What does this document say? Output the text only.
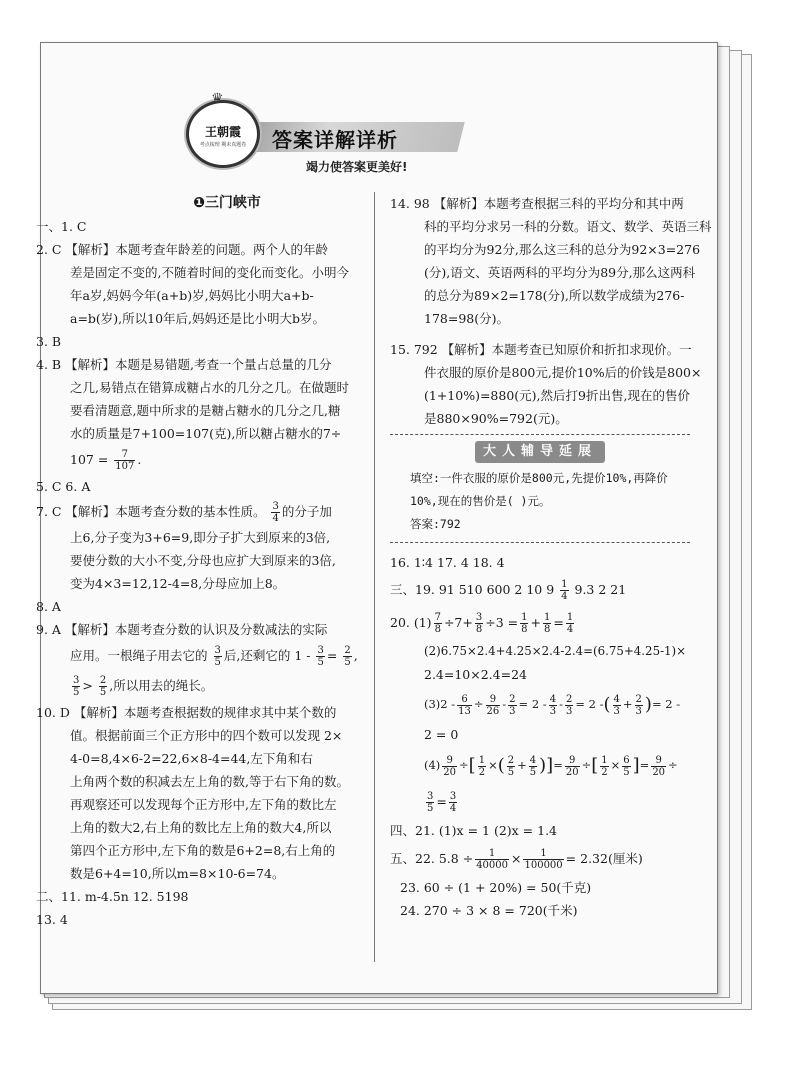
答案详解详析
竭力使答案更美好!
♛
王朝霞
考点梳理 期末真题卷
❶三门峡市
一、1. C
2. C 【解析】本题考查年龄差的问题。两个人的年龄
差是固定不变的,不随着时间的变化而变化。小明今
年a岁,妈妈今年(a+b)岁,妈妈比小明大a+b-
a=b(岁),所以10年后,妈妈还是比小明大b岁。
3. B
4. B 【解析】本题是易错题,考查一个量占总量的几分
之几,易错点在错算成糖占水的几分之几。在做题时
要看清题意,题中所求的是糖占糖水的几分之几,糖
水的质量是7+100=107(克),所以糖占糖水的7÷
$107 = \frac{7}{107}$ .
5. C 6. A
7. C 【解析】本题考查分数的基本性质。 $\frac{3}{4}$ 的分子加
上6,分子变为3+6=9,即分子扩大到原来的3倍,
要使分数的大小不变,分母也应扩大到原来的3倍,
变为4×3=12,12-4=8,分母应加上8。
8. A
9. A 【解析】本题考查分数的认识及分数减法的实际
应用。一根绳子用去它的 $\frac{3}{5}$ 后,还剩它的 $1 - \frac{3}{5} = \frac{2}{5}$ ,
$\frac{3}{5} > \frac{2}{5}$ ,所以用去的绳长。
10. D 【解析】本题考查根据数的规律求其中某个数的
值。根据前面三个正方形中的四个数可以发现 2×
4-0=8,4×6-2=22,6×8-4=44,左下角和右
上角两个数的积减去左上角的数,等于右下角的数。
再观察还可以发现每个正方形中,左下角的数比左
上角的数大2,右上角的数比左上角的数大4,所以
第四个正方形中,左下角的数是6+2=8,右上角的
数是6+4=10,所以m=8×10-6=74。
二、11. m-4.5n 12. 5198
13. 4
14. 98 【解析】本题考查根据三科的平均分和其中两
科的平均分求另一科的分数。语文、数学、英语三科
的平均分为92分,那么这三科的总分为92×3=276
(分),语文、英语两科的平均分为89分,那么这两科
的总分为89×2=178(分),所以数学成绩为276-
178=98(分)。
15. 792 【解析】本题考查已知原价和折扣求现价。一
件衣服的原价是800元,提价10%后的价钱是800×
(1+10%)=880(元),然后打9折出售,现在的售价
是880×90%=792(元)。
大人辅导延展
填空:一件衣服的原价是800元,先提价10%,再降价
10%,现在的售价是( )元。
答案:792
16. 1∶4 17. 4 18. 4
三、19. 91 510 600 2 10 $9 \frac{1}{4} 9.3$ 2 21
20. $(1) \frac{7}{8} \div 7+ \frac{3}{8} \div 3 = \frac{1}{8} + \frac{1}{8} = \frac{1}{4}$
(2)6.75×2.4+4.25×2.4-2.4=(6.75+4.25-1)×
2.4=10×2.4=24
$(3)2 - \frac{6}{13} \div \frac{9}{26} - \frac{2}{3} = 2 - \frac{4}{3} - \frac{2}{3} = 2$ -( $\frac{4}{3} + \frac{2}{3}$ )= 2 -
2 = 0
$(4) \frac{9}{20}$ ÷[ $\frac{1}{2}$ ×( $\frac{2}{5} + \frac{4}{5}$ )]= $\frac{9}{20}$ ÷[ $\frac{1}{2} \times \frac{6}{5}$ ]= $\frac{9}{20}$ ÷
$\frac{3}{5} = \frac{3}{4}$
四、21. (1)x = 1 (2)x = 1.4
五、22. $5.8 \div \frac{1}{40000} \times \frac{1}{100000} = 2.32$(厘米)
23. 60 ÷ (1 + 20%) = 50(千克)
24. 270 ÷ 3 × 8 = 720(千米)
